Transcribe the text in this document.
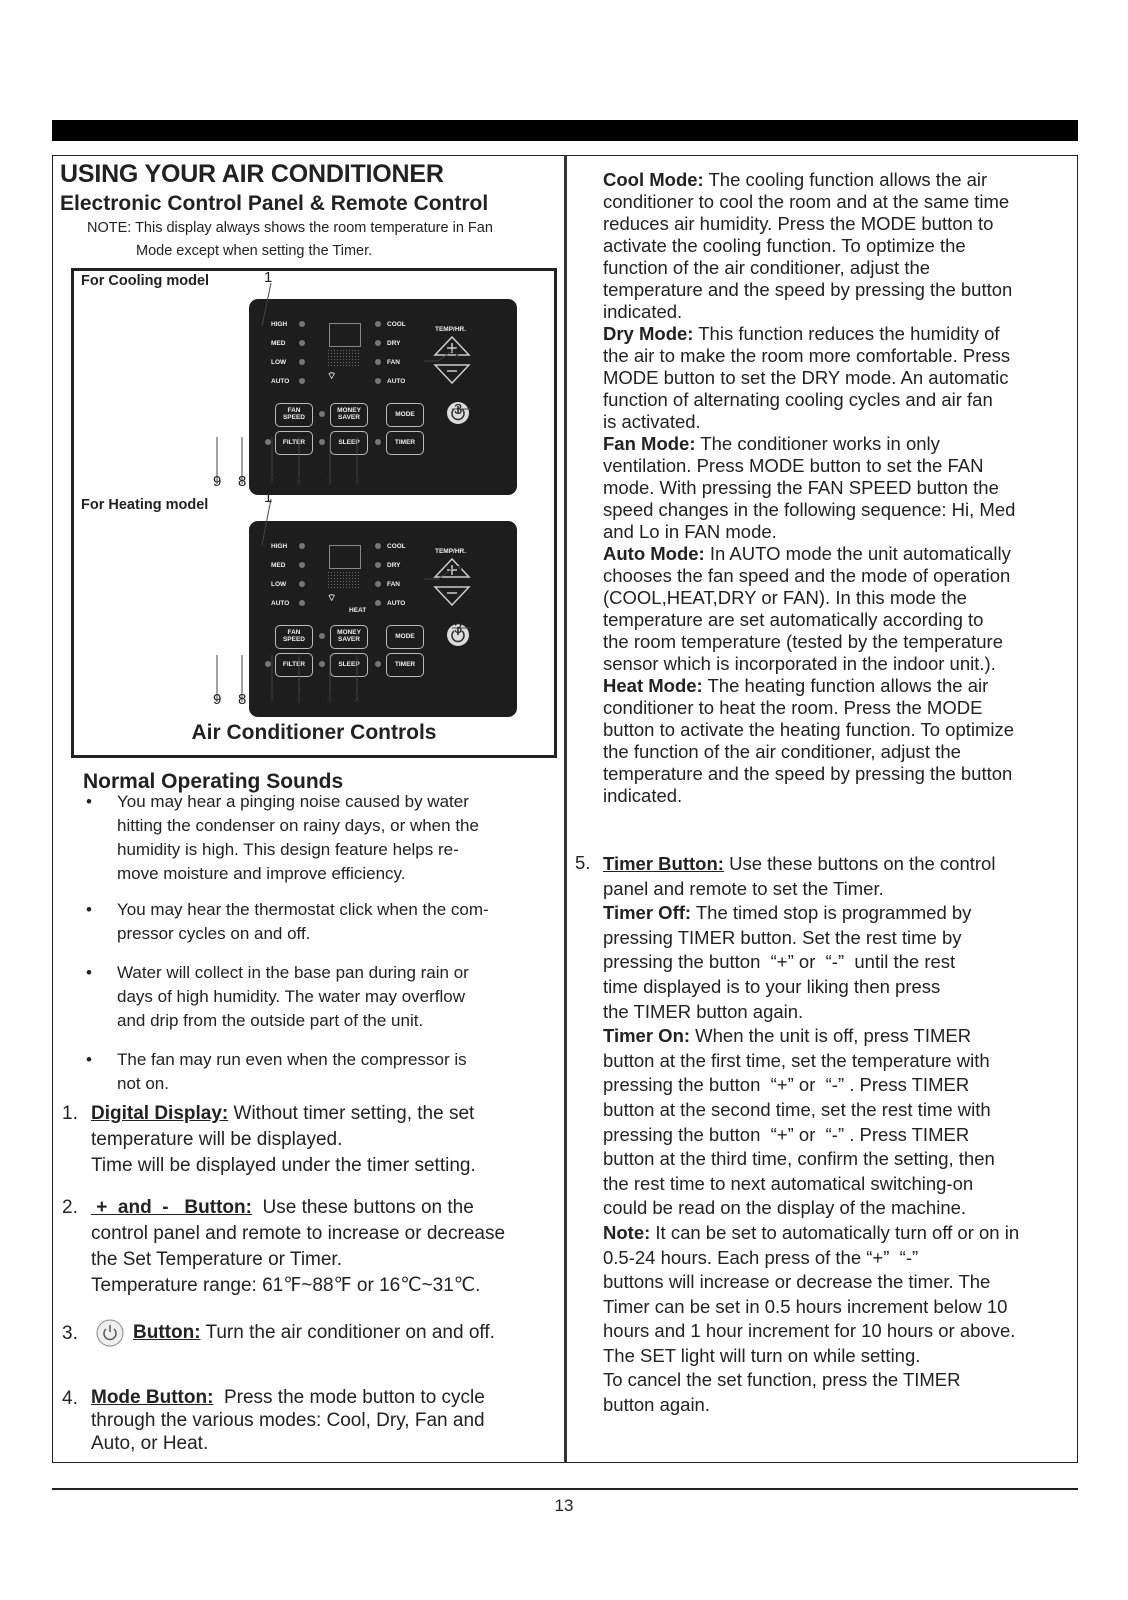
USING YOUR AIR CONDITIONER
Electronic Control Panel & Remote Control
NOTE: This display always shows the room temperature in Fan
Mode except when setting the Timer.
For Cooling model
For Heating model
HIGH
MED
LOW
AUTO	⌔
COOL
DRY
FAN
AUTO
TEMP/HR.
FAN
SPEED
MONEY
SAVER	MODE
FILTER	SLEEP	TIMER
HIGH
MED
LOW
AUTO	⌔
HEAT
COOL
DRY
FAN
AUTO
TEMP/HR.
FAN
SPEED
MONEY
SAVER	MODE
FILTER	SLEEP	TIMER
1
2
3
9 8 7 6 5 4
1
2
3
9 8 7 6 5 4
Air Conditioner Controls
Normal Operating Sounds
• You may hear a pinging noise caused by water
hitting the condenser on rainy days, or when the
humidity is high. This design feature helps re-
move moisture and improve efficiency.
• You may hear the thermostat click when the com-
pressor cycles on and off.
• Water will collect in the base pan during rain or
days of high humidity. The water may overflow
and drip from the outside part of the unit.
• The fan may run even when the compressor is
not on.
1. Digital Display: Without timer setting, the set
temperature will be displayed.
Time will be displayed under the timer setting.
2. +  and  -   Button:  Use these buttons on the
control panel and remote to increase or decrease
the Set Temperature or Timer.
Temperature range: 61℉~88℉ or 16℃~31℃.
3.	Button: Turn the air conditioner on and off.
4. Mode Button:  Press the mode button to cycle
through the various modes: Cool, Dry, Fan and
Auto, or Heat.
Cool Mode: The cooling function allows the air
conditioner to cool the room and at the same time
reduces air humidity. Press the MODE button to
activate the cooling function. To optimize the
function of the air conditioner, adjust the
temperature and the speed by pressing the button
indicated.
Dry Mode: This function reduces the humidity of
the air to make the room more comfortable. Press
MODE button to set the DRY mode. An automatic
function of alternating cooling cycles and air fan
is activated.
Fan Mode: The conditioner works in only
ventilation. Press MODE button to set the FAN
mode. With pressing the FAN SPEED button the
speed changes in the following sequence: Hi, Med
and Lo in FAN mode.
Auto Mode: In AUTO mode the unit automatically
chooses the fan speed and the mode of operation
(COOL,HEAT,DRY or FAN). In this mode the
temperature are set automatically according to
the room temperature (tested by the temperature
sensor which is incorporated in the indoor unit.).
Heat Mode: The heating function allows the air
conditioner to heat the room. Press the MODE
button to activate the heating function. To optimize
the function of the air conditioner, adjust the
temperature and the speed by pressing the button
indicated.
5. Timer Button: Use these buttons on the control
panel and remote to set the Timer.
Timer Off: The timed stop is programmed by
pressing TIMER button. Set the rest time by
pressing the button  “+” or  “-”  until the rest
time displayed is to your liking then press
the TIMER button again.
Timer On: When the unit is off, press TIMER
button at the first time, set the temperature with
pressing the button  “+” or  “-” . Press TIMER
button at the second time, set the rest time with
pressing the button  “+” or  “-” . Press TIMER
button at the third time, confirm the setting, then
the rest time to next automatical switching-on
could be read on the display of the machine.
Note: It can be set to automatically turn off or on in
0.5-24 hours. Each press of the “+”  “-”
buttons will increase or decrease the timer. The
Timer can be set in 0.5 hours increment below 10
hours and 1 hour increment for 10 hours or above.
The SET light will turn on while setting.
To cancel the set function, press the TIMER
button again.
13
